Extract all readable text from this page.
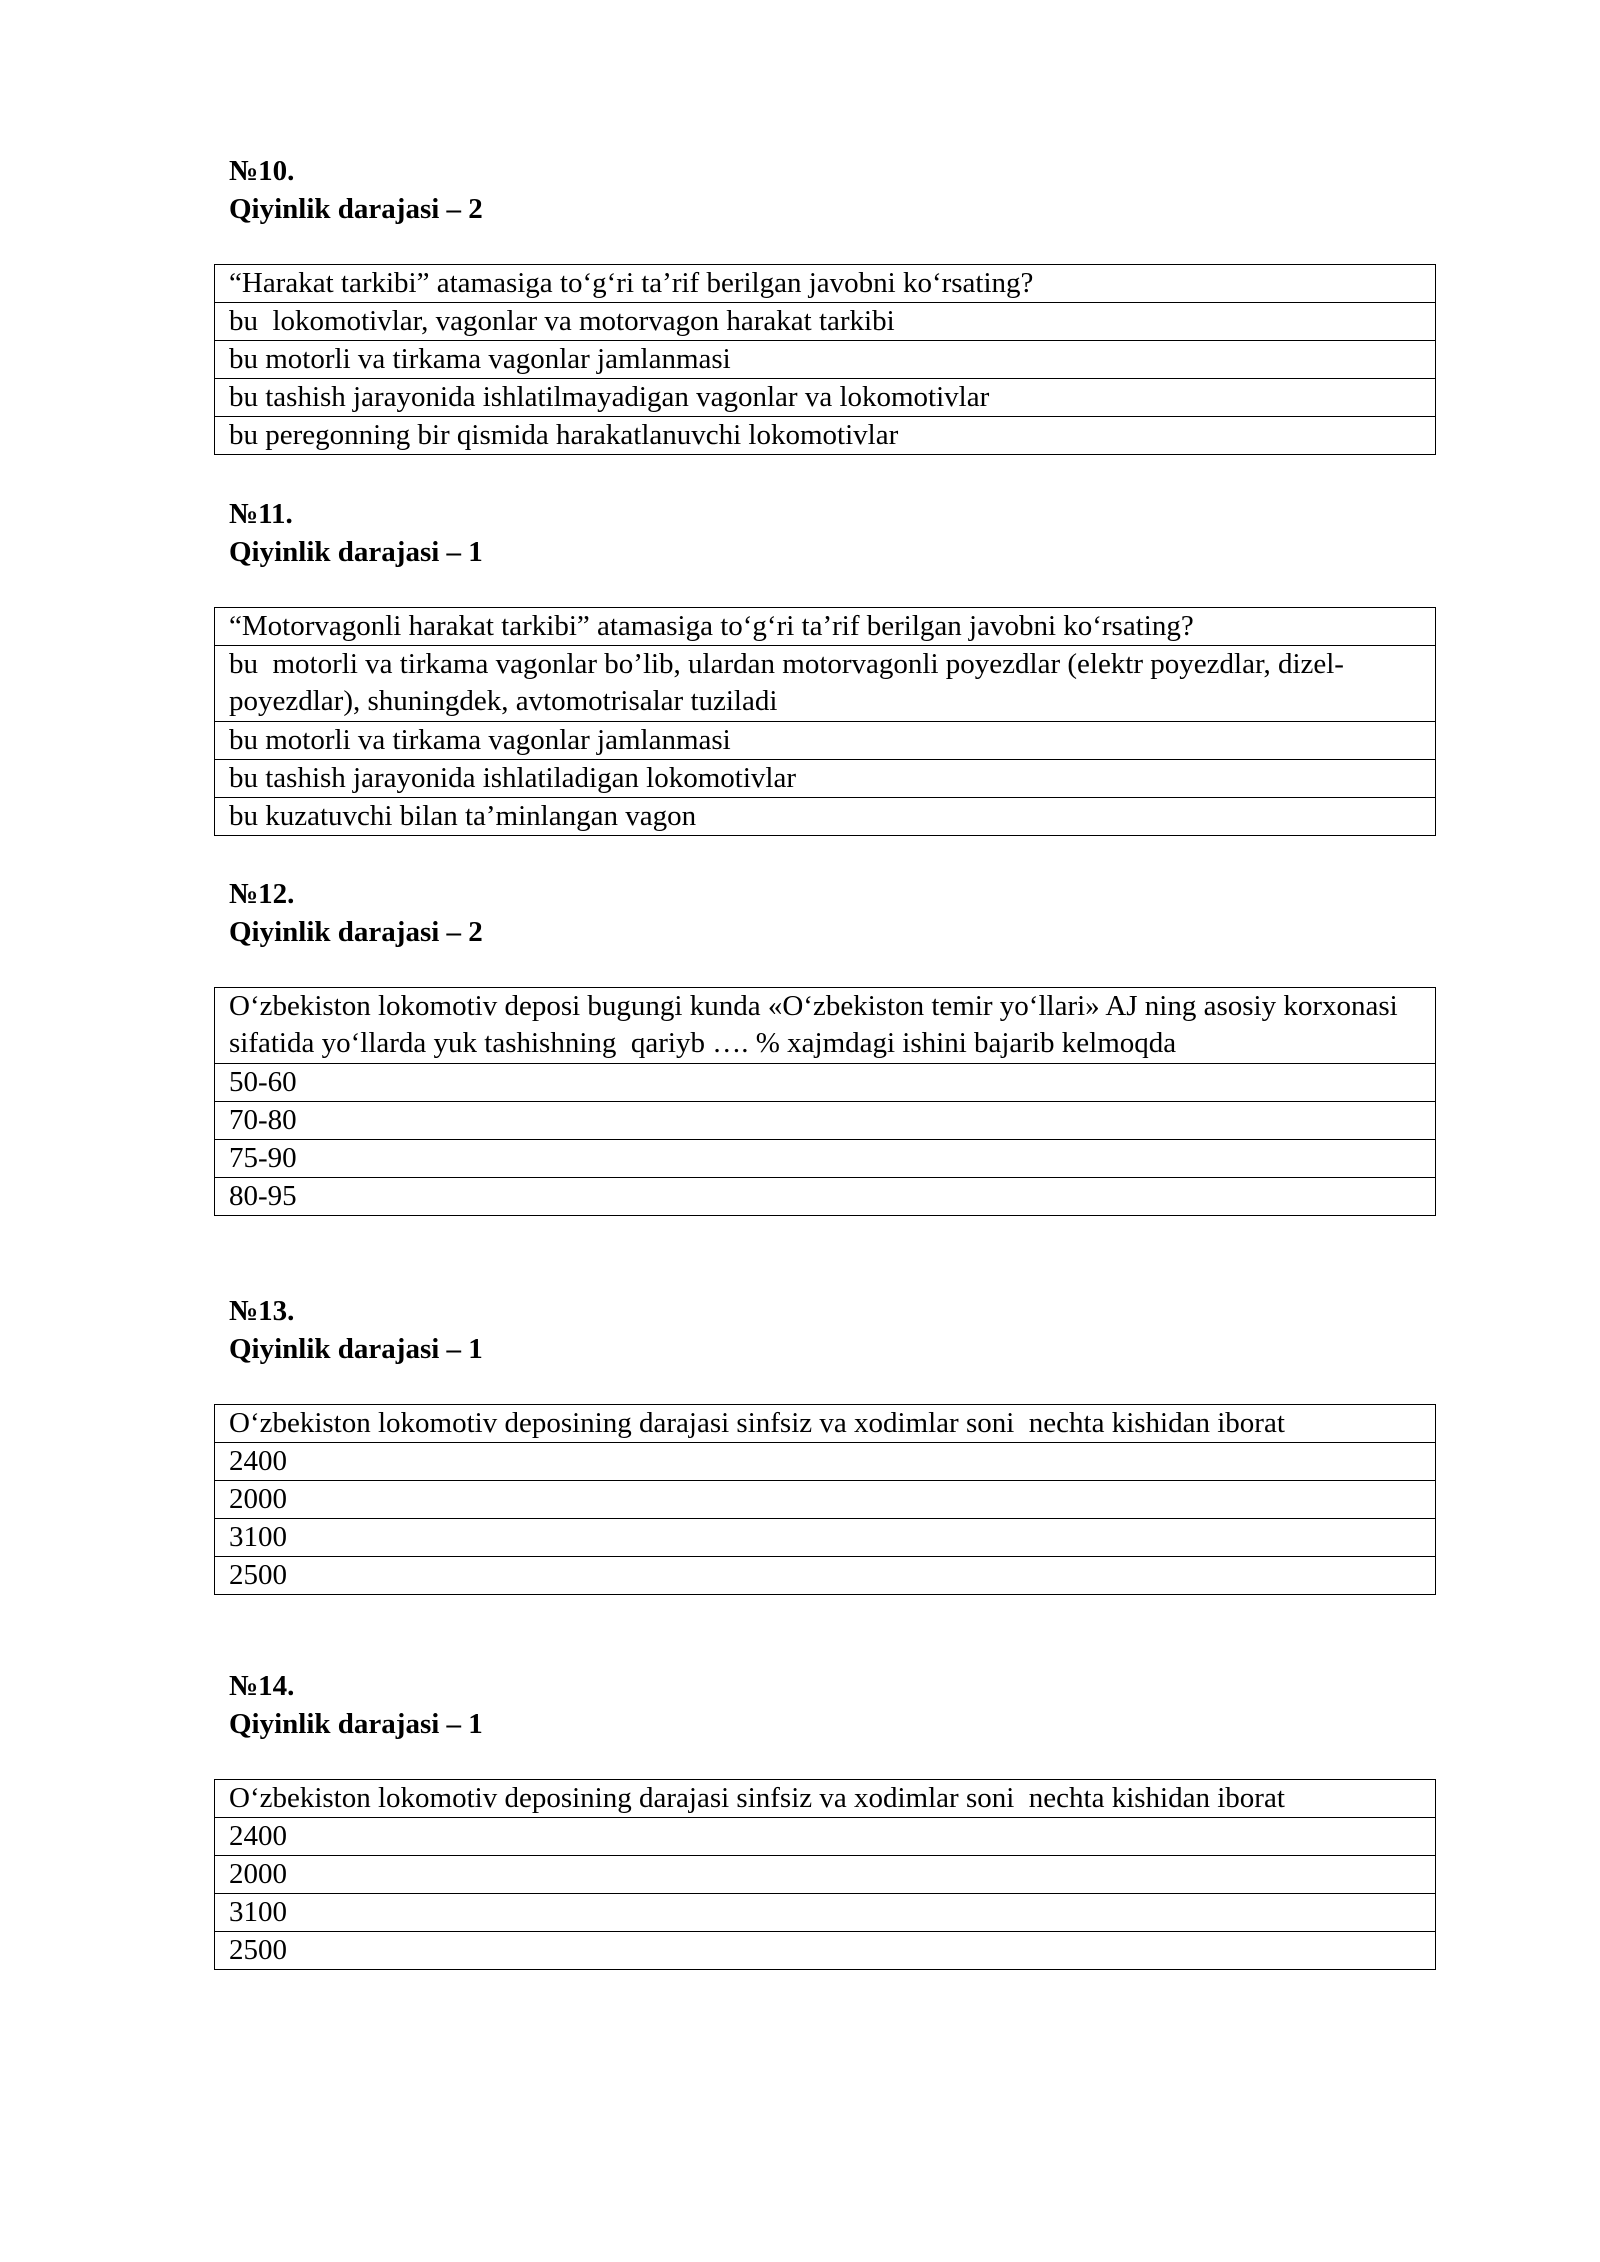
№10.
Qiyinlik darajasi – 2
“Harakat tarkibi” atamasiga to‘g‘ri ta’rif berilgan javobni ko‘rsating?
bu  lokomotivlar, vagonlar va motorvagon harakat tarkibi
bu motorli va tirkama vagonlar jamlanmasi
bu tashish jarayonida ishlatilmayadigan vagonlar va lokomotivlar
bu peregonning bir qismida harakatlanuvchi lokomotivlar
№11.
Qiyinlik darajasi – 1
“Motorvagonli harakat tarkibi” atamasiga to‘g‘ri ta’rif berilgan javobni ko‘rsating?
bu  motorli va tirkama vagonlar bo’lib, ulardan motorvagonli poyezdlar (elektr poyezdlar, dizel-poyezdlar), shuningdek, avtomotrisalar tuziladi
bu motorli va tirkama vagonlar jamlanmasi
bu tashish jarayonida ishlatiladigan lokomotivlar
bu kuzatuvchi bilan ta’minlangan vagon
№12.
Qiyinlik darajasi – 2
O‘zbekiston lokomotiv deposi bugungi kunda «O‘zbekiston temir yo‘llari» AJ ning asosiy korxonasi sifatida yo‘llarda yuk tashishning  qariyb …. % xajmdagi ishini bajarib kelmoqda
50-60
70-80
75-90
80-95
№13.
Qiyinlik darajasi – 1
O‘zbekiston lokomotiv deposining darajasi sinfsiz va xodimlar soni  nechta kishidan iborat
2400
2000
3100
2500
№14.
Qiyinlik darajasi – 1
O‘zbekiston lokomotiv deposining darajasi sinfsiz va xodimlar soni  nechta kishidan iborat
2400
2000
3100
2500
